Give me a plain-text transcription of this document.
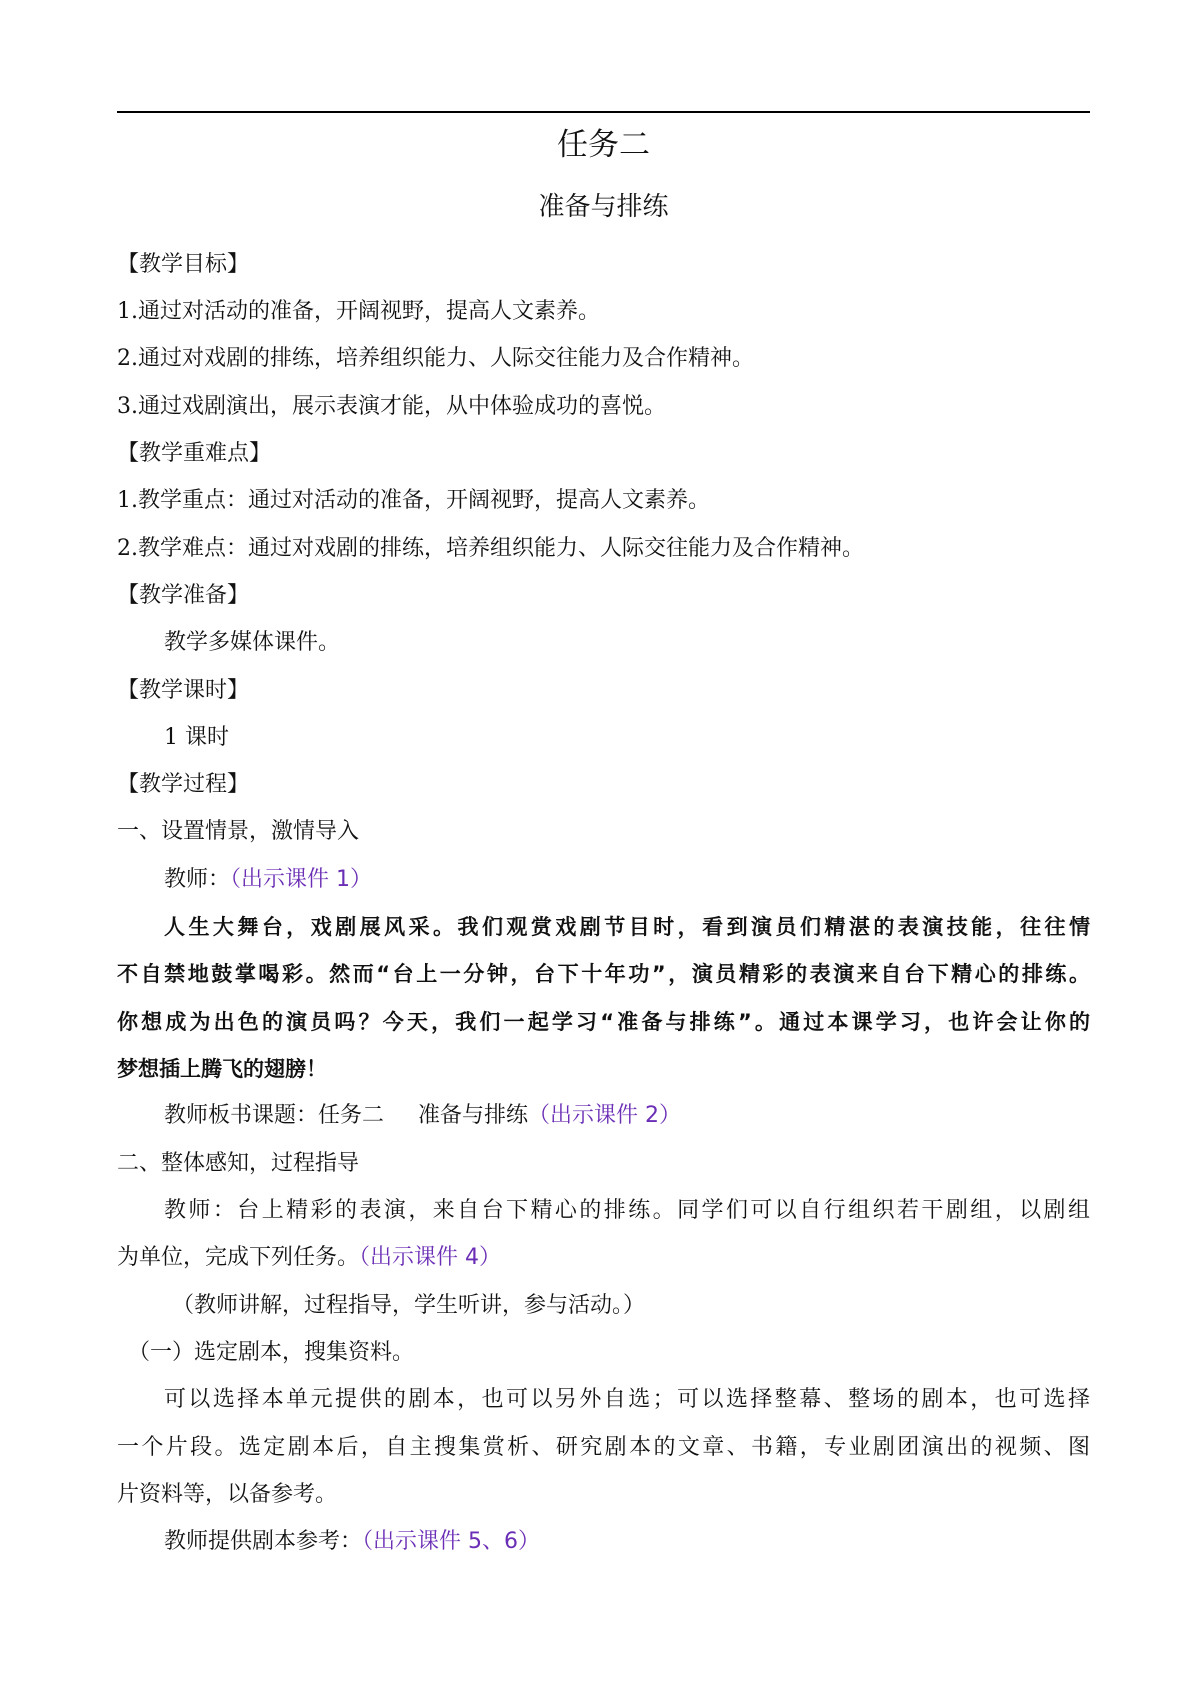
任务二
准备与排练
【教学目标】
1.通过对活动的准备，开阔视野，提高人文素养。
2.通过对戏剧的排练，培养组织能力、人际交往能力及合作精神。
3.通过戏剧演出，展示表演才能，从中体验成功的喜悦。
【教学重难点】
1.教学重点：通过对活动的准备，开阔视野，提高人文素养。
2.教学难点：通过对戏剧的排练，培养组织能力、人际交往能力及合作精神。
【教学准备】
教学多媒体课件。
【教学课时】
1 课时
【教学过程】
一、设置情景，激情导入
教师：（出示课件 1）
人生大舞台，戏剧展风采。我们观赏戏剧节目时，看到演员们精湛的表演技能，往往情
不自禁地鼓掌喝彩。然而“台上一分钟，台下十年功”，演员精彩的表演来自台下精心的排练。
你想成为出色的演员吗？今天，我们一起学习“准备与排练”。通过本课学习，也许会让你的
梦想插上腾飞的翅膀！
教师板书课题：任务二 准备与排练（出示课件 2）
二、整体感知，过程指导
教师：台上精彩的表演，来自台下精心的排练。同学们可以自行组织若干剧组，以剧组
为单位，完成下列任务。（出示课件 4）
（教师讲解，过程指导，学生听讲，参与活动。）
（一）选定剧本，搜集资料。
可以选择本单元提供的剧本，也可以另外自选；可以选择整幕、整场的剧本，也可选择
一个片段。选定剧本后，自主搜集赏析、研究剧本的文章、书籍，专业剧团演出的视频、图
片资料等，以备参考。
教师提供剧本参考：（出示课件 5、6）
